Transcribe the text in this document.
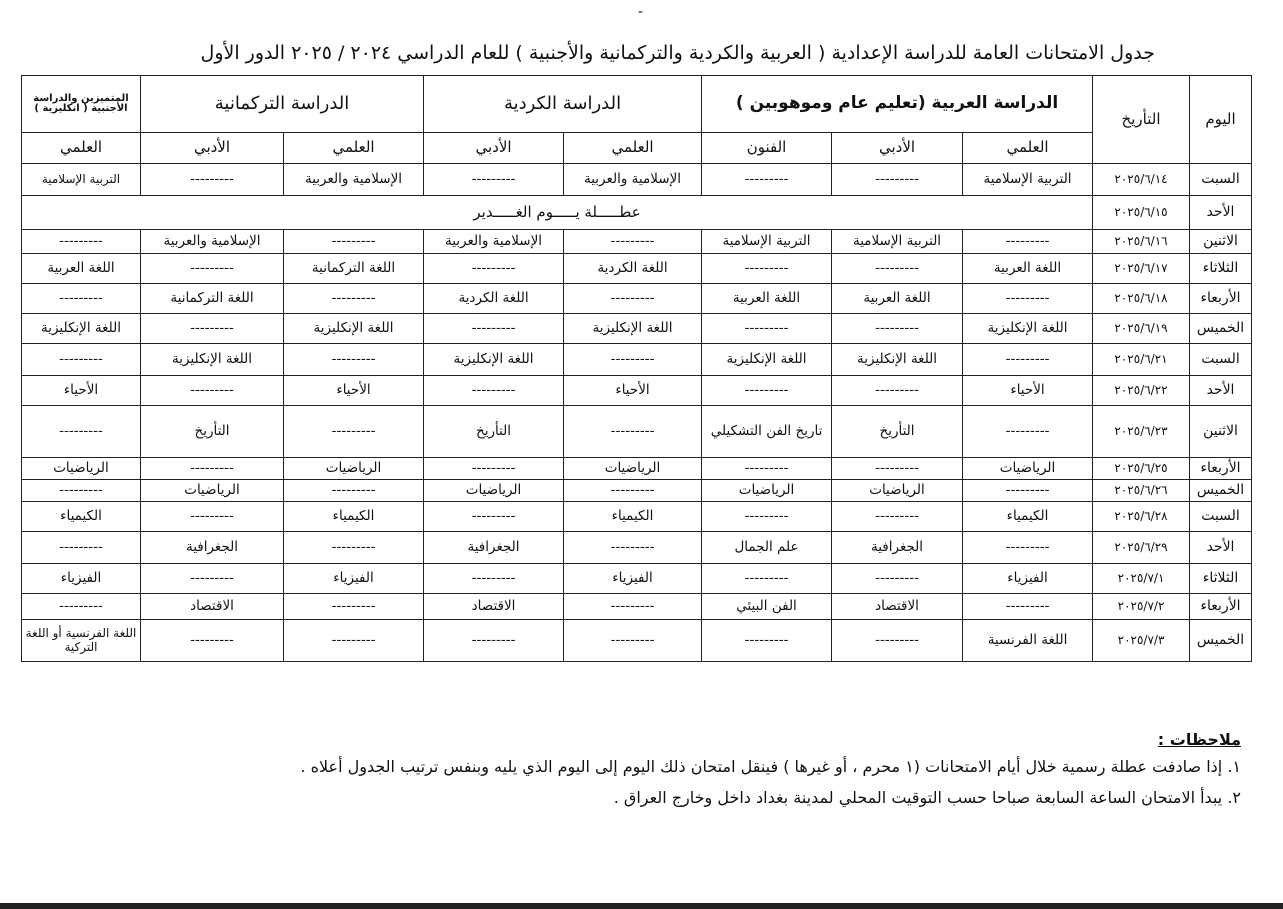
-
جدول الامتحانات العامة للدراسة الإعدادية ( العربية والكردية والتركمانية والأجنبية ) للعام الدراسي ٢٠٢٤ / ٢٠٢٥ الدور الأول
اليوم	التأريخ	الدراسة العربية (تعليم عام وموهوبين )			الدراسة الكردية		الدراسة التركمانية		المتميزين والدراسة الأجنبية ( انكليزية )
		العلمي	الأدبي	الفنون	العلمي	الأدبي	العلمي	الأدبي	العلمي
السبت	٢٠٢٥/٦/١٤	التربية الإسلامية	---------	---------	الإسلامية والعربية	---------	الإسلامية والعربية	---------	التربية الإسلامية
الأحد	٢٠٢٥/٦/١٥	عطـــــلة يـــــوم الغـــــدير							
الاثنين	٢٠٢٥/٦/١٦	---------	التربية الإسلامية	التربية الإسلامية	---------	الإسلامية والعربية	---------	الإسلامية والعربية	---------
الثلاثاء	٢٠٢٥/٦/١٧	اللغة العربية	---------	---------	اللغة الكردية	---------	اللغة التركمانية	---------	اللغة العربية
الأربعاء	٢٠٢٥/٦/١٨	---------	اللغة العربية	اللغة العربية	---------	اللغة الكردية	---------	اللغة التركمانية	---------
الخميس	٢٠٢٥/٦/١٩	اللغة الإنكليزية	---------	---------	اللغة الإنكليزية	---------	اللغة الإنكليزية	---------	اللغة الإنكليزية
السبت	٢٠٢٥/٦/٢١	---------	اللغة الإنكليزية	اللغة الإنكليزية	---------	اللغة الإنكليزية	---------	اللغة الإنكليزية	---------
الأحد	٢٠٢٥/٦/٢٢	الأحياء	---------	---------	الأحياء	---------	الأحياء	---------	الأحياء
الاثنين	٢٠٢٥/٦/٢٣	---------	التأريخ	تاريخ الفن التشكيلي	---------	التأريخ	---------	التأريخ	---------
الأربعاء	٢٠٢٥/٦/٢٥	الرياضيات	---------	---------	الرياضيات	---------	الرياضيات	---------	الرياضيات
الخميس	٢٠٢٥/٦/٢٦	---------	الرياضيات	الرياضيات	---------	الرياضيات	---------	الرياضيات	---------
السبت	٢٠٢٥/٦/٢٨	الكيمياء	---------	---------	الكيمياء	---------	الكيمياء	---------	الكيمياء
الأحد	٢٠٢٥/٦/٢٩	---------	الجغرافية	علم الجمال	---------	الجغرافية	---------	الجغرافية	---------
الثلاثاء	٢٠٢٥/٧/١	الفيزياء	---------	---------	الفيزياء	---------	الفيزياء	---------	الفيزياء
الأربعاء	٢٠٢٥/٧/٢	---------	الاقتصاد	الفن البيئي	---------	الاقتصاد	---------	الاقتصاد	---------
الخميس	٢٠٢٥/٧/٣	اللغة الفرنسية	---------	---------	---------	---------	---------	---------	اللغة الفرنسية أو اللغة التركية
ملاحظات :
١. إذا صادفت عطلة رسمية خلال أيام الامتحانات (١ محرم ، أو غيرها ) فينقل امتحان ذلك اليوم إلى اليوم الذي يليه وبنفس ترتيب الجدول أعلاه .
٢. يبدأ الامتحان الساعة السابعة صباحا حسب التوقيت المحلي لمدينة بغداد داخل وخارج العراق .
